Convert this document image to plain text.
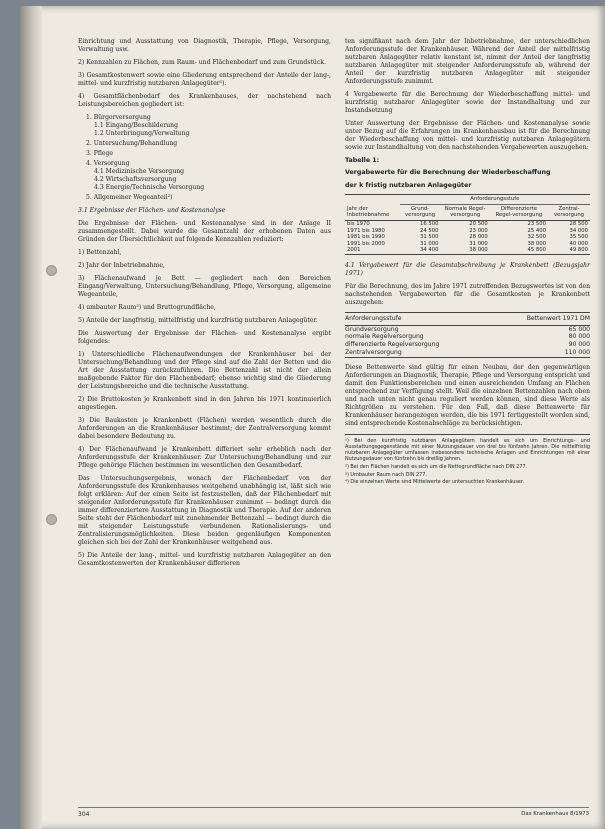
Einrichtung und Ausstattung von Diagnostik, Therapie, Pflege, Versorgung, Verwaltung usw.
2) Kennzahlen zu Flächen, zum Raum- und Flächenbedarf und zum Grundstück.
3) Gesamtkostenwert sowie eine Gliederung entsprechend der Anteile der lang-, mittel- und kurzfristig nutzbaren Anlagegüter¹).
4) Gesamtflächenbedarf des Krankenhauses, der nachstehend nach Leistungsbereichen gegliedert ist:
1. Bürgerversorgung
1.1 Eingang/Beschilderung
1.2 Unterbringung/Verwaltung
2. Untersuchung/Behandlung
3. Pflege
4. Versorgung
4.1 Medizinische Versorgung
4.2 Wirtschaftsversorgung
4.3 Energie/Technische Versorgung
5. Allgemeiner Wegeanteil²)
3.1 Ergebnisse der Flächen- und Kostenanalyse
Die Ergebnisse der Flächen- und Kostenanalyse sind in der Anlage II zusammengestellt. Dabei wurde die Gesamtzahl der erhobenen Daten aus Gründen der Übersichtlichkeit auf folgende Kennzahlen reduziert:
1) Bettenzahl,
2) Jahr der Inbetriebnahme,
3) Flächenaufwand je Bett — gegliedert nach den Bereichen Eingang/Verwaltung, Untersuchung/Behandlung, Pflege, Versorgung, allgemeine Wegeanteile,
4) umbauter Raum²) und Bruttogrundfläche,
5) Anteile der langfristig, mittelfristig und kurzfristig nutzbaren Anlagegüter.
Die Auswertung der Ergebnisse der Flächen- und Kostenanalyse ergibt folgendes:
1) Unterschiedliche Flächenaufwendungen der Krankenhäuser bei der Untersuchung/Behandlung und der Pflege sind auf die Zahl der Betten und die Art der Ausstattung zurückzuführen. Die Bettenzahl ist nicht der allein maßgebende Faktor für den Flächenbedarf; ebenso wichtig sind die Gliederung der Leistungsbereiche und die technische Ausstattung.
2) Die Bruttokosten je Krankenbett sind in den Jahren bis 1971 kontinuierlich angestiegen.
3) Die Baukosten je Krankenbett (Flächen) werden wesentlich durch die Anforderungen an die Krankenhäuser bestimmt; der Zentralversorgung kommt dabei besondere Bedeutung zu.
4) Der Flächenaufwand je Krankenbett differiert sehr erheblich nach der Anforderungsstufe der Krankenhäuser. Zur Untersuchung/Behandlung und zur Pflege gehörige Flächen bestimmen im wesentlichen den Gesamtbedarf.
Das Untersuchungsergebnis, wonach der Flächenbedarf von der Anforderungsstufe des Krankenhauses weitgehend unabhängig ist, läßt sich wie folgt erklären: Auf der einen Seite ist festzustellen, daß der Flächenbedarf mit steigender Anforderungsstufe für Krankenhäuser zunimmt — bedingt durch die immer differenziertere Ausstattung in Diagnostik und Therapie. Auf der anderen Seite steht der Flächenbedarf mit zunehmender Bettenzahl — bedingt durch die mit steigender Leistungsstufe verbundenen Rationalisierungs- und Zentralisierungsmöglichkeiten. Diese beiden gegenläufigen Komponenten gleichen sich bei der Zahl der Krankenhäuser weitgehend aus.
5) Die Anteile der lang-, mittel- und kurzfristig nutzbaren Anlagegüter an den Gesamtkostenwerten der Krankenhäuser differieren
ten signifikant nach dem Jahr der Inbetriebnahme, der unterschiedlichen Anforderungsstufe der Krankenhäuser. Während der Anteil der mittelfristig nutzbaren Anlagegüter relativ konstant ist, nimmt der Anteil der langfristig nutzbaren Anlagegüter mit steigender Anforderungsstufe ab, während der Anteil der kurzfristig nutzbaren Anlagegüter mit steigender Anforderungsstufe zunimmt.
4 Vergabewerte für die Berechnung der Wiederbeschaffung mittel- und kurzfristig nutzbarer Anlagegüter sowie der Instandhaltung und zur Instandsetzung
Unter Auswertung der Ergebnisse der Flächen- und Kostenanalyse sowie unter Bezug auf die Erfahrungen im Krankenhausbau ist für die Berechnung der Wiederbeschaffung von mittel- und kurzfristig nutzbaren Anlagegütern sowie zur Instandhaltung von den nachstehenden Vergabewerten auszugehen:
Tabelle 1:
Vergabewerte für die Berechnung der Wiederbeschaffung
der k fristig nutzbaren Anlagegüter
Jahr der Inbetriebnahme	Anforderungsstufe			
	Grund-versorgung	Normale Regel-versorgung	Differenzierte Regel-versorgung	Zentral-versorgung
bis 1970	16 500	20 500	23 500	28 500
1971 bis 1980	24 500	23 000	25 400	34 000
1981 bis 1990	31 500	28 000	32 500	35 500
1991 bis 2000	31 000	31 000	38 000	40 000
2001	34 400	38 000	45 800	49 800

4.1 Vergabewert für die Gesamtabschreibung je Krankenbett (Bezugsjahr 1971)
Für die Berechnung, des im Jahre 1971 zutreffenden Bezugswertes ist von den nachstehenden Vergabewerten für die Gesamtkosten je Krankenbett auszugehen:
Anforderungsstufe	Bettenwert 1971 DM
Grundversorgung	65 000
normale Regelversorgung	80 000
differenzierte Regelversorgung	90 000
Zentralversorgung	110 000
Diese Bettenwerte sind gültig für einen Neubau, der den gegenwärtigen Anforderungen an Diagnostik, Therapie, Pflege und Versorgung entspricht und damit den Funktionsbereichen und einen ausreichenden Umfang an Flächen entsprechend zur Verfügung stellt. Weil die einzelnen Bettenzahlen nach oben und nach unten nicht genau reguliert werden können, sind diese Werte als Richtgrößen zu verstehen. Für den Fall, daß diese Bettenwerte für Krankenhäuser herangezogen werden, die bis 1971 fertiggestellt worden sind, sind entsprechende Kostenabschläge zu berücksichtigen.
¹) Bei den kurzfristig nutzbaren Anlagegütern handelt es sich um Einrichtungs- und Ausstattungsgegenstände mit einer Nutzungsdauer von drei bis fünfzehn Jahren. Die mittelfristig nutzbaren Anlagegüter umfassen insbesondere technische Anlagen und Einrichtungen mit einer Nutzungsdauer von fünfzehn bis dreißig Jahren.
²) Bei den Flächen handelt es sich um die Nettogrundfläche nach DIN 277.
³) Umbauter Raum nach DIN 277.
⁴) Die einzelnen Werte sind Mittelwerte der untersuchten Krankenhäuser.
304	Das Krankenhaus 8/1973
